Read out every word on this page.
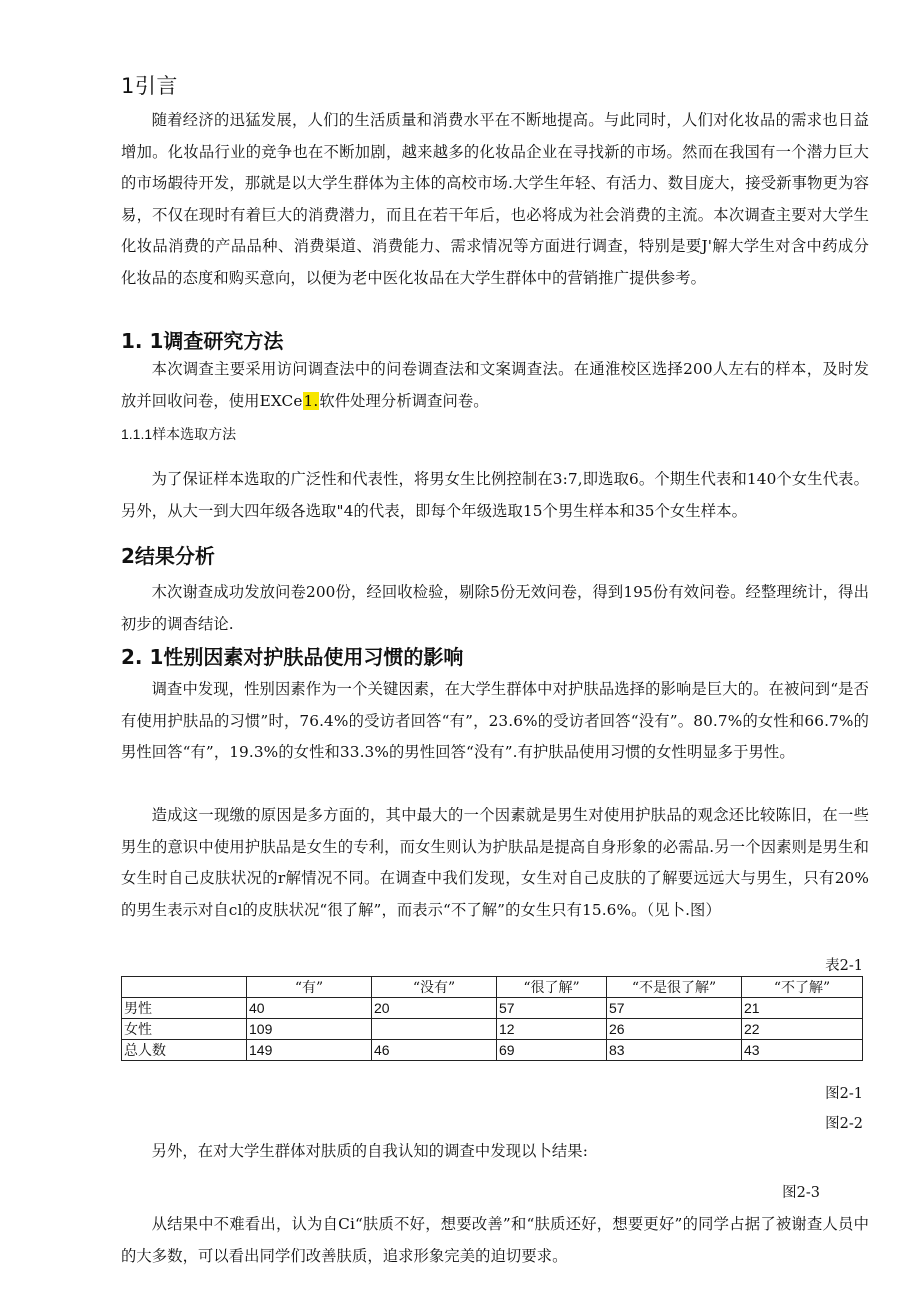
1引言

随着经济的迅猛发展，人们的生活质量和消费水平在不断地提高。与此同时，人们对化妆品的需求也日益增加。化妆品行业的竞争也在不断加剧，越来越多的化妆品企业在寻找新的市场。然而在我国有一个潜力巨大的市场嘏待开发，那就是以大学生群体为主体的高校市场.大学生年轻、有活力、数目庞大，接受新事物更为容易，不仅在现时有着巨大的消费潜力，而且在若干年后，也必将成为社会消费的主流。本次调查主要对大学生化妆品消费的产品品种、消费渠道、消费能力、需求情况等方面进行调查，特别是要J'解大学生对含中药成分化妆品的态度和购买意向，以便为老中医化妆品在大学生群体中的营销推广提供参考。

1. 1调查研究方法

本次调查主要采用访问调查法中的问卷调查法和文案调查法。在通淮校区选择200人左右的样本，及时发放并回收问卷，使用EXCe1.软件处理分析调查问卷。

1.1.1样本选取方法

为了保证样本选取的广泛性和代表性，将男女生比例控制在3:7,即选取6。个期生代表和140个女生代表。另外，从大一到大四年级各选取"4的代表，即每个年级选取15个男生样本和35个女生样本。

2结果分析

木次谢查成功发放问卷200份，经回收检验，剔除5份无效问卷，得到195份有效问卷。经整理统计，得出初步的调杳结论.

2. 1性别因素对护肤品使用习惯的影响

调查中发现，性别因素作为一个关键因素，在大学生群体中对护肤品选择的影响是巨大的。在被问到“是否有使用护肤品的习惯”时，76.4%的受访者回答“有”，23.6%的受访者回答“没有”。80.7%的女性和66.7%的男性回答“有”，19.3%的女性和33.3%的男性回答“没有”.有护肤品使用习惯的女性明显多于男性。

造成这一现缴的原因是多方面的，其中最大的一个因素就是男生对使用护肤品的观念还比较陈旧，在一些男生的意识中使用护肤品是女生的专利，而女生则认为护肤品是提高自身形象的必需品.另一个因素则是男生和女生时自己皮肤状况的r解情况不同。在调查中我们发现，女生对自己皮肤的了解要远远大与男生，只有20%的男生表示对自cl的皮肤状况“很了解”，而表示“不了解”的女生只有15.6%。（见卜.图）

表2-1
	“有”	“没有”	“很了解”	“不是很了解”	“不了解”
男性	40	20	57	57	21
女性	109		12	26	22
总人数	149	46	69	83	43
图2-1
图2-2

另外，在对大学生群体对肤质的自我认知的调查中发现以卜结果:

图2-3

从结果中不难看出，认为自Ci“肤质不好，想要改善”和“肤质还好，想要更好”的同学占据了被谢查人员中的大多数，可以看出同学们改善肤质，追求形象完美的迫切要求。
